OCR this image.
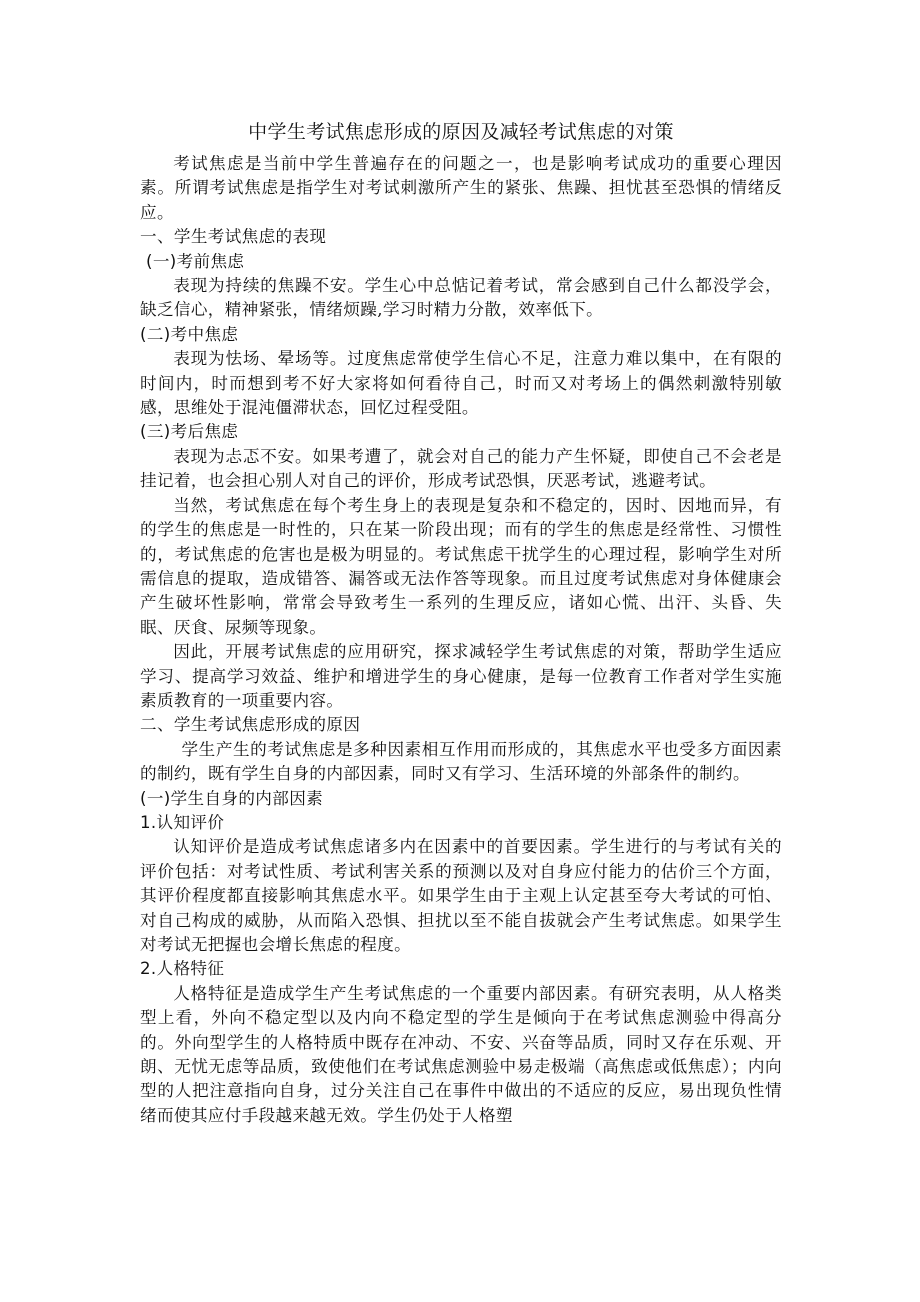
中学生考试焦虑形成的原因及减轻考试焦虑的对策

考试焦虑是当前中学生普遍存在的问题之一，也是影响考试成功的重要心理因素。所谓考试焦虑是指学生对考试刺激所产生的紧张、焦躁、担忧甚至恐惧的情绪反应。

一、学生考试焦虑的表现

(一)考前焦虑

表现为持续的焦躁不安。学生心中总惦记着考试，常会感到自己什么都没学会，缺乏信心，精神紧张，情绪烦躁,学习时精力分散，效率低下。

(二)考中焦虑

表现为怯场、晕场等。过度焦虑常使学生信心不足，注意力难以集中，在有限的时间内，时而想到考不好大家将如何看待自己，时而又对考场上的偶然刺激特别敏感，思维处于混沌僵滞状态，回忆过程受阻。

(三)考后焦虑

表现为忐忑不安。如果考遭了，就会对自己的能力产生怀疑，即使自己不会老是挂记着，也会担心别人对自己的评价，形成考试恐惧，厌恶考试，逃避考试。

当然，考试焦虑在每个考生身上的表现是复杂和不稳定的，因时、因地而异，有的学生的焦虑是一时性的，只在某一阶段出现；而有的学生的焦虑是经常性、习惯性的，考试焦虑的危害也是极为明显的。考试焦虑干扰学生的心理过程，影响学生对所需信息的提取，造成错答、漏答或无法作答等现象。而且过度考试焦虑对身体健康会产生破坏性影响，常常会导致考生一系列的生理反应，诸如心慌、出汗、头昏、失眠、厌食、尿频等现象。

因此，开展考试焦虑的应用研究，探求减轻学生考试焦虑的对策，帮助学生适应学习、提高学习效益、维护和增进学生的身心健康，是每一位教育工作者对学生实施素质教育的一项重要内容。

二、学生考试焦虑形成的原因

学生产生的考试焦虑是多种因素相互作用而形成的，其焦虑水平也受多方面因素的制约，既有学生自身的内部因素，同时又有学习、生活环境的外部条件的制约。

(一)学生自身的内部因素

1.认知评价

认知评价是造成考试焦虑诸多内在因素中的首要因素。学生进行的与考试有关的评价包括：对考试性质、考试利害关系的预测以及对自身应付能力的估价三个方面，其评价程度都直接影响其焦虑水平。如果学生由于主观上认定甚至夸大考试的可怕、对自己构成的威胁，从而陷入恐惧、担扰以至不能自拔就会产生考试焦虑。如果学生对考试无把握也会增长焦虑的程度。

2.人格特征

人格特征是造成学生产生考试焦虑的一个重要内部因素。有研究表明，从人格类型上看，外向不稳定型以及内向不稳定型的学生是倾向于在考试焦虑测验中得高分的。外向型学生的人格特质中既存在冲动、不安、兴奋等品质，同时又存在乐观、开朗、无忧无虑等品质，致使他们在考试焦虑测验中易走极端（高焦虑或低焦虑）；内向型的人把注意指向自身，过分关注自己在事件中做出的不适应的反应，易出现负性情绪而使其应付手段越来越无效。学生仍处于人格塑
